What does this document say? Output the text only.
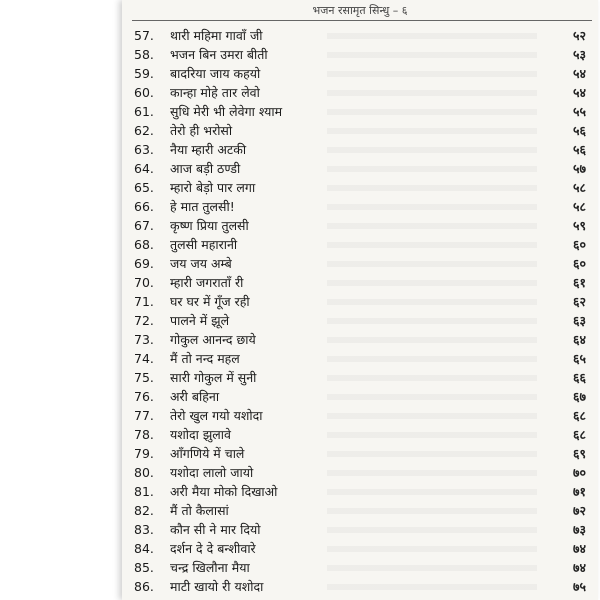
भजन रसामृत सिन्धु – ६
57.	थारी महिमा गावाँ जी	५२
58.	भजन बिन उमरा बीती	५३
59.	बादरिया जाय कहयो	५४
60.	कान्हा मोहे तार लेवो	५४
61.	सुधि मेरी भी लेवेगा श्याम	५५
62.	तेरो ही भरोसो	५६
63.	नैया म्हारी अटकी	५६
64.	आज बड़ी ठण्डी	५७
65.	म्हारो बेड़ो पार लगा	५८
66.	हे मात तुलसी!	५८
67.	कृष्ण प्रिया तुलसी	५९
68.	तुलसी महारानी	६०
69.	जय जय अम्बे	६०
70.	म्हारी जगराताँ री	६१
71.	घर घर में गूँज रही	६२
72.	पालने में झूले	६३
73.	गोकुल आनन्द छाये	६४
74.	मैं तो नन्द महल	६५
75.	सारी गोकुल में सुनी	६६
76.	अरी बहिना	६७
77.	तेरो खुल गयो यशोदा	६८
78.	यशोदा झुलावे	६८
79.	आँगणिये में चाले	६९
80.	यशोदा लालो जायो	७०
81.	अरी मैया मोको दिखाओ	७१
82.	मैं तो कैलासां	७२
83.	कौन सी ने मार दियो	७३
84.	दर्शन दे दे बन्शीवारे	७४
85.	चन्द्र खिलौना मैया	७४
86.	माटी खायो री यशोदा	७५
